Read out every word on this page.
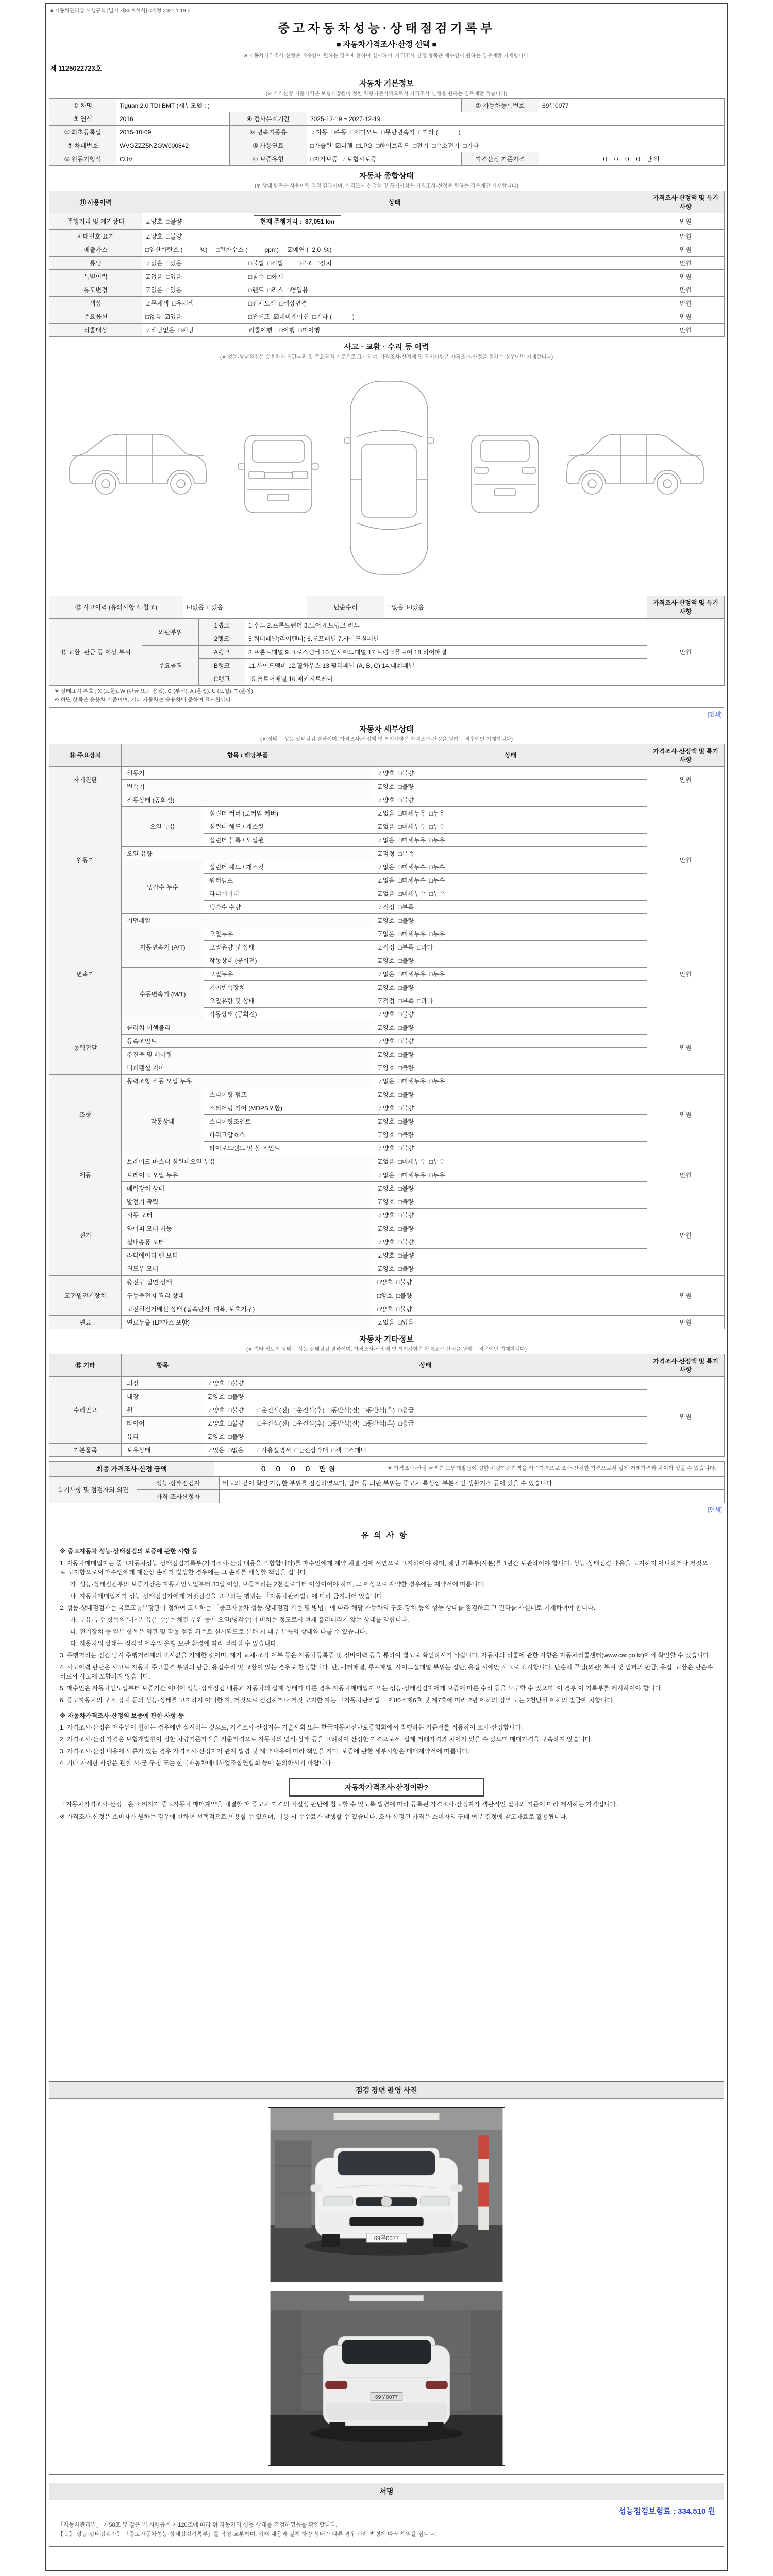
■ 자동차관리법 시행규칙 [별지 제82호서식] <개정 2021.1.19.>
중고자동차성능·상태점검기록부
■ 자동차가격조사·산정 선택 ■
※ 자동차가격조사·산정은 매수인이 원하는 경우에 한하여 실시하며, 가격조사·산정 항목은 매수인이 원하는 경우에만 기재합니다.
제 1125022723호
자동차 기본정보
(※ 가격산정 기준가격은 보험개발원이 정한 차량기준가액으로서 가격조사·산정을 원하는 경우에만 적습니다)
① 차명	Tiguan 2.0 TDI BMT (세부모델 : )			② 자동차등록번호	69무0077
③ 연식	2016	④ 검사유효기간	2025-12-19 ~ 2027-12-19		
⑤ 최초등록일	2015-10-09	⑥ 변속기종류	☑자동  □수동  □세미오토  □무단변속기  □기타 (            )		
⑦ 차대번호	WVGZZZ5NZGW000842	⑧ 사용연료	□가솔린  ☑디젤  □LPG  □하이브리드  □전기  □수소전기  □기타		
⑨ 원동기형식	CUV	⑩ 보증유형	□자가보증  ☑보험사보증	가격산정 기준가격	０ ０ ０ ０ 만원
자동차 종합상태
(※ 상태 항목은 사용이력 점검 결과이며, 가격조사·산정액 및 특기사항은 가격조사·산정을 원하는 경우에만 기재합니다)
⑪ 사용이력	상태		가격조사·산정액 및 특기사항
주행거리 및 계기상태	☑양호  □불량	현재 주행거리 :  87,051 km	만원
차대번호 표기	☑양호  □불량		만원
배출가스	□일산화탄소 (          %)     □탄화수소 (          ppm)     ☑매연 (  2.0  %)		만원
튜닝	☑없음  □있음	□불법  □적법        □구조  □장치	만원
특별이력	☑없음  □있음	□침수  □화재	만원
용도변경	☑없음  □있음	□렌트  □리스  □영업용	만원
색상	☑무채색  □유채색	□전체도색  □색상변경	만원
주요옵션	□없음  ☑있음	□썬루프  ☑네비게이션  □기타 (            )	만원
리콜대상	☑해당없음  □해당	리콜이행 :  □이행  □미이행	만원
사고 · 교환 · 수리 등 이력
(※ 성능·상태점검은 승용차의 외판부위 및 주요골격 기준으로 표시하며, 가격조사·산정액 및 특기사항은 가격조사·산정을 원하는 경우에만 기재합니다)
⑫ 사고이력 (유의사항 4. 참조)	☑없음  □있음	단순수리	□없음  ☑있음	가격조사·산정액 및 특기사항
⑬ 교환, 판금 등 이상 부위	외판부위	1랭크	1.후드 2.프론트펜더 3.도어 4.트렁크 리드	만원
		2랭크	5.쿼터패널(리어펜더) 6.루프패널 7.사이드실패널	
	주요골격	A랭크	8.프론트패널 9.크로스멤버 10.인사이드패널 17.트렁크플로어 18.리어패널	
		B랭크	11.사이드멤버 12.휠하우스 13.필러패널 (A, B, C) 14.대쉬패널	
		C랭크	15.플로어패널 16.패키지트레이	

※ 상태표시 부호 : X (교환), W (판금 또는 용접), C (부식), A (흠집), U (요철), T (손상)

※ 하단 항목은 승용차 기준이며, 기타 자동차는 승용차에 준하여 표시합니다.

[인쇄]
자동차 세부상태
(※ 상태는 성능·상태점검 결과이며, 가격조사·산정액 및 특기사항은 가격조사·산정을 원하는 경우에만 기재합니다)
⑭ 주요장치	항목 / 해당부품		상태	가격조사·산정액 및 특기사항
자기진단	원동기		☑양호  □불량	만원
	변속기		☑양호  □불량	
원동기	작동상태 (공회전)		☑양호  □불량	만원
	오일 누유	실린더 커버 (로커암 커버)	☑없음  □미세누유  □누유	
		실린더 헤드 / 개스킷	☑없음  □미세누유  □누유	
		실린더 블록 / 오일팬	☑없음  □미세누유  □누유	
	오일 유량		☑적정  □부족	
	냉각수 누수	실린더 헤드 / 개스킷	☑없음  □미세누수  □누수	
		워터펌프	☑없음  □미세누수  □누수	
		라디에이터	☑없음  □미세누수  □누수	
		냉각수 수량	☑적정  □부족	
	커먼레일		☑양호  □불량	
변속기	자동변속기 (A/T)	오일누유	☑없음  □미세누유  □누유	만원
		오일유량 및 상태	☑적정  □부족  □과다	
		작동상태 (공회전)	☑양호  □불량	
	수동변속기 (M/T)	오일누유	☑없음  □미세누유  □누유	
		기어변속장치	☑양호  □불량	
		오일유량 및 상태	☑적정  □부족  □과다	
		작동상태 (공회전)	☑양호  □불량	
동력전달	클러치 어셈블리		☑양호  □불량	만원
	등속조인트		☑양호  □불량	
	추진축 및 베어링		☑양호  □불량	
	디퍼렌셜 기어		☑양호  □불량	
조향	동력조향 작동 오일 누유		☑없음  □미세누유  □누유	만원
	작동상태	스티어링 펌프	☑양호  □불량	
		스티어링 기어 (MDPS포함)	☑양호  □불량	
		스티어링조인트	☑양호  □불량	
		파워고압호스	☑양호  □불량	
		타이로드엔드 및 볼 조인트	☑양호  □불량	
제동	브레이크 마스터 실린더오일 누유		☑없음  □미세누유  □누유	만원
	브레이크 오일 누유		☑없음  □미세누유  □누유	
	배력장치 상태		☑양호  □불량	
전기	발전기 출력		☑양호  □불량	만원
	시동 모터		☑양호  □불량	
	와이퍼 모터 기능		☑양호  □불량	
	실내송풍 모터		☑양호  □불량	
	라디에이터 팬 모터		☑양호  □불량	
	윈도우 모터		☑양호  □불량	
고전원전기장치	충전구 절연 상태		□양호  □불량	만원
	구동축전지 격리 상태		□양호  □불량	
	고전원전기배선 상태 (접속단자, 피복, 보호기구)		□양호  □불량	
연료	연료누출 (LP가스 포함)		☑없음  □있음	만원
자동차 기타정보
(※ 기타 정보의 상태는 성능·상태점검 결과이며, 가격조사·산정액 및 특기사항은 가격조사·산정을 원하는 경우에만 기재합니다)
⑮ 기타	항목	상태	가격조사·산정액 및 특기사항
수리필요	외장	☑양호  □불량	만원
	내장	☑양호  □불량	
	휠	☑양호  □불량        □운전석(전)  □운전석(후)  □동반석(전)  □동반석(후)  □응급	
	타이어	☑양호  □불량        □운전석(전)  □운전석(후)  □동반석(전)  □동반석(후)  □응급	
	유리	☑양호  □불량	
기본품목	보유상태	☑있음  □없음        □사용설명서  □안전삼각대  □잭  □스패너	
최종 가격조사·산정 금액	０ ０ ０ ０ 만원	※ 가격조사·산정 금액은 보험개발원이 정한 차량기준가액을 기준가격으로 조사·산정한 가격으로서 실제 거래가격과 차이가 있을 수 있습니다.
특기사항 및 점검자의 의견	성능·상태점검자	비고와 같이 확인 가능한 부위를 점검하였으며, 범퍼 등 외판 부위는 중고차 특성상 부분적인 생활기스 등이 있을 수 있습니다.
	가격·조사산정자	
[인쇄]
유의사항

※ 중고자동차 성능·상태점검의 보증에 관한 사항 등

1. 자동차매매업자는 중고자동차성능·상태점검기록부(가격조사·산정 내용을 포함합니다)를 매수인에게 계약 체결 전에 서면으로 고지하여야 하며, 해당 기록부(사본)를 1년간 보관하여야 합니다. 성능·상태점검 내용을 고지하지 아니하거나 거짓으로 고지함으로써 매수인에게 재산상 손해가 발생한 경우에는 그 손해를 배상할 책임을 집니다.

가. 성능·상태점검부의 보증기간은 자동차인도일부터 30일 이상, 보증거리는 2천킬로미터 이상이어야 하며, 그 이상으로 계약한 경우에는 계약서에 따릅니다.

나. 자동차매매업자가 성능·상태점검자에게 거짓점검을 요구하는 행위는 「자동차관리법」에 따라 금지되어 있습니다.

2. 성능·상태점검자는 국토교통부장관이 정하여 고시하는 「중고자동차 성능·상태점검 기준 및 방법」에 따라 해당 자동차의 구조·장치 등의 성능·상태를 점검하고 그 결과를 사실대로 기재하여야 합니다.

가. 누유·누수 항목의 '미세누유(누수)'는 체결 부위 등에 오일(냉각수)이 비치는 정도로서 현재 흘러내리지 않는 상태를 말합니다.

나. 전기장치 등 일부 항목은 외관 및 작동 점검 위주로 실시되므로 분해 시 내부 부품의 상태와 다를 수 있습니다.

다. 자동차의 상태는 점검일 이후의 운행·보관 환경에 따라 달라질 수 있습니다.

3. 주행거리는 점검 당시 주행거리계의 표시값을 기재한 것이며, 계기 교체·조작 여부 등은 자동차등록증 및 정비이력 등을 통하여 별도로 확인하시기 바랍니다. 자동차의 리콜에 관한 사항은 자동차리콜센터(www.car.go.kr)에서 확인할 수 있습니다.

4. 사고이력 판단은 사고로 자동차 주요골격 부위의 판금, 용접수리 및 교환이 있는 경우로 한정합니다. 단, 쿼터패널, 루프패널, 사이드실패널 부위는 절단, 용접 시에만 사고로 표시합니다. 단순히 꾸밈(외판) 부위 및 범퍼의 판금, 용접, 교환은 단순수리로서 사고에 포함되지 않습니다.

5. 매수인은 자동차인도일부터 보증기간 이내에 성능·상태점검 내용과 자동차의 실제 상태가 다른 경우 자동차매매업자 또는 성능·상태점검자에게 보증에 따른 수리 등을 요구할 수 있으며, 이 경우 이 기록부를 제시하여야 합니다.

6. 중고자동차의 구조·장치 등의 성능·상태를 고지하지 아니한 자, 거짓으로 점검하거나 거짓 고지한 자는 「자동차관리법」 제80조제6호 및 제7호에 따라 2년 이하의 징역 또는 2천만원 이하의 벌금에 처합니다.

※ 자동차가격조사·산정의 보증에 관한 사항 등

1. 가격조사·산정은 매수인이 원하는 경우에만 실시하는 것으로, 가격조사·산정자는 기술사회 또는 한국자동차진단보증협회에서 발행하는 기준서를 적용하여 조사·산정합니다.

2. 가격조사·산정 가격은 보험개발원이 정한 차량기준가액을 기준가격으로 자동차의 연식·상태 등을 고려하여 산정한 가격으로서, 실제 거래가격과 차이가 있을 수 있으며 매매가격을 구속하지 않습니다.

3. 가격조사·산정 내용에 오류가 있는 경우 가격조사·산정자가 관계 법령 및 계약 내용에 따라 책임을 지며, 보증에 관한 세부사항은 매매계약서에 따릅니다.

4. 기타 자세한 사항은 관할 시·군·구청 또는 한국자동차매매사업조합연합회 등에 문의하시기 바랍니다.

자동차가격조사·산정이란?

「자동차가격조사·산정」은 소비자가 중고자동차 매매계약을 체결할 때 중고차 가격의 적절성 판단에 참고할 수 있도록 법령에 따라 등록된 가격조사·산정자가 객관적인 절차와 기준에 따라 제시하는 가격입니다.

※ 가격조사·산정은 소비자가 원하는 경우에 한하여 선택적으로 이용할 수 있으며, 이용 시 수수료가 발생할 수 있습니다. 조사·산정된 가격은 소비자의 구매 여부 결정에 참고자료로 활용됩니다.

점검 장면 촬영 사진
69무0077
69무0077
서명
성능점검보험료 : 334,510 원

「자동차관리법」 제58조 및 같은 법 시행규칙 제120조에 따라 위 자동차의 성능·상태를 점검하였음을 확인합니다.

【１】 성능·상태점검자는 「중고자동차성능·상태점검기록부」를 작성·교부하며, 기재 내용과 실제 차량 상태가 다른 경우 관계 법령에 따라 책임을 집니다.
